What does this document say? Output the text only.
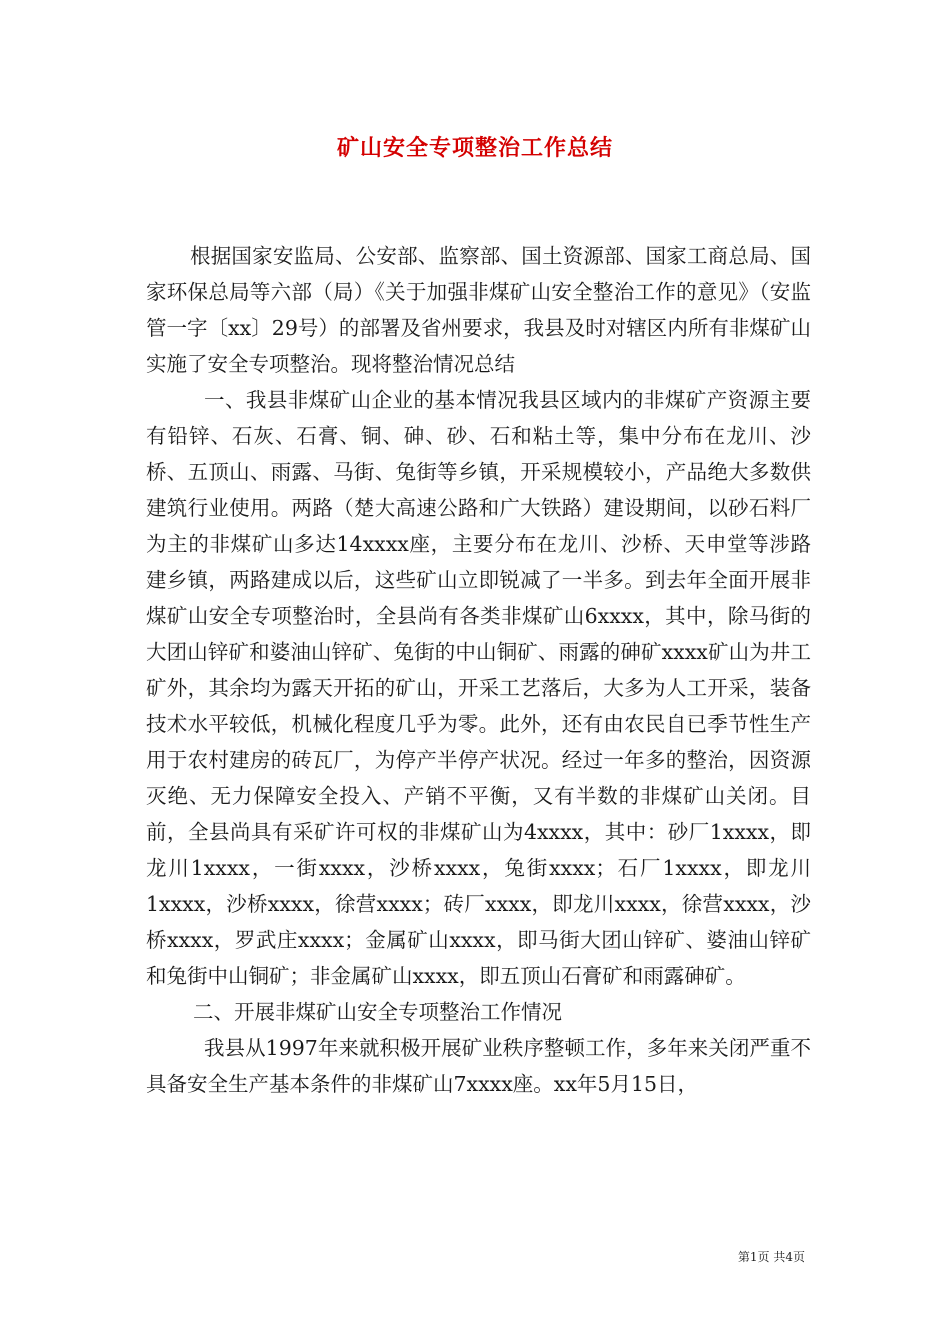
矿山安全专项整治工作总结

根据国家安监局、公安部、监察部、国土资源部、国家工商总局、国家环保总局等六部（局）《关于加强非煤矿山安全整治工作的意见》（安监管一字〔xx〕29号）的部署及省州要求，我县及时对辖区内所有非煤矿山实施了安全专项整治。现将整治情况总结

一、我县非煤矿山企业的基本情况我县区域内的非煤矿产资源主要有铅锌、石灰、石膏、铜、砷、砂、石和粘土等，集中分布在龙川、沙桥、五顶山、雨露、马街、兔街等乡镇，开采规模较小，产品绝大多数供建筑行业使用。两路（楚大高速公路和广大铁路）建设期间，以砂石料厂为主的非煤矿山多达14xxxx座，主要分布在龙川、沙桥、天申堂等涉路建乡镇，两路建成以后，这些矿山立即锐减了一半多。到去年全面开展非煤矿山安全专项整治时，全县尚有各类非煤矿山6xxxx，其中，除马街的大团山锌矿和婆油山锌矿、兔街的中山铜矿、雨露的砷矿xxxx矿山为井工矿外，其余均为露天开拓的矿山，开采工艺落后，大多为人工开采，装备技术水平较低，机械化程度几乎为零。此外，还有由农民自已季节性生产用于农村建房的砖瓦厂，为停产半停产状况。经过一年多的整治，因资源灭绝、无力保障安全投入、产销不平衡，又有半数的非煤矿山关闭。目前，全县尚具有采矿许可权的非煤矿山为4xxxx，其中：砂厂1xxxx，即龙川1xxxx，一街xxxx，沙桥xxxx，兔街xxxx；石厂1xxxx，即龙川1xxxx，沙桥xxxx，徐营xxxx；砖厂xxxx，即龙川xxxx，徐营xxxx，沙桥xxxx，罗武庄xxxx；金属矿山xxxx，即马街大团山锌矿、婆油山锌矿和兔街中山铜矿；非金属矿山xxxx，即五顶山石膏矿和雨露砷矿。

二、开展非煤矿山安全专项整治工作情况

我县从1997年来就积极开展矿业秩序整顿工作，多年来关闭严重不具备安全生产基本条件的非煤矿山7xxxx座。xx年5月15日，

第1页 共4页
